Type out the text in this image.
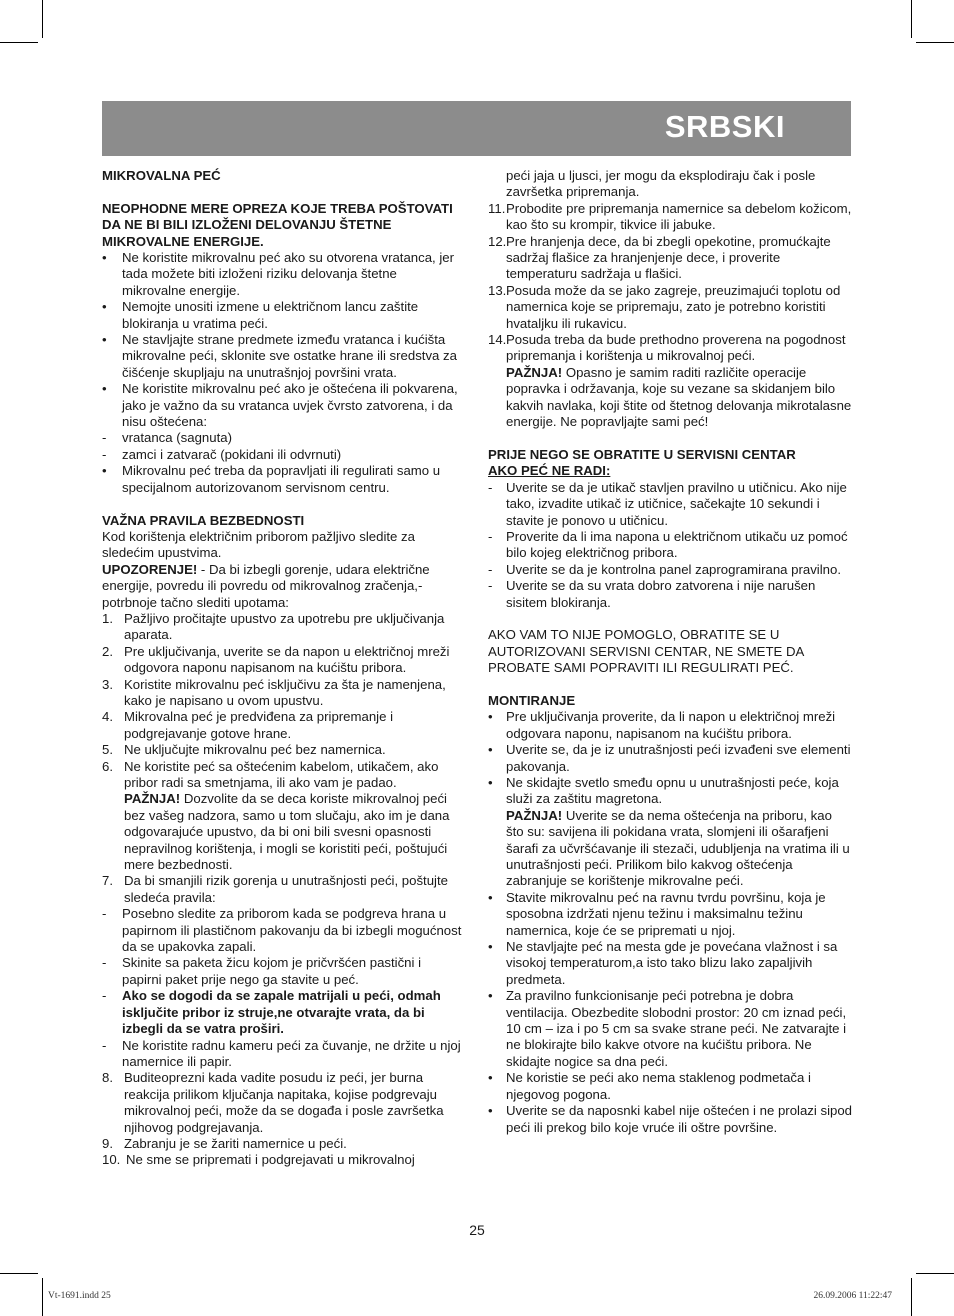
SRBSKI

MIKROVALNA PEĆ

NEOPHODNE MERE OPREZA KOJE TREBA POŠTOVATI DA NE BI BILI IZLOŽENI DELOVANJU ŠTETNE MIKROVALNE ENERGIJE.

•	Ne koristite mikrovalnu peć ako su otvorena vratanca, jer tada možete biti izloženi riziku delovanja štetne mikrovalne energije.
•	Nemojte unositi izmene u električnom lancu zaštite blokiranja u vratima peći.
•	Ne stavljajte strane predmete između vratanca i kućišta mikrovalne peći, sklonite sve ostatke hrane ili sredstva za čišćenje skupljaju na unutrašnjoj površini vrata.
•	Ne koristite mikrovalnu peć ako je oštećena ili pokvarena, jako je važno da su vratanca uvjek čvrsto zatvorena, i da nisu oštećena:
-	vratanca (sagnuta)
-	zamci i zatvarač (pokidani ili odvrnuti)
•	Mikrovalnu peć treba da popravljati ili regulirati samo u specijalnom autorizovanom servisnom centru.

VAŽNA PRAVILA BEZBEDNOSTI

Kod korištenja električnim priborom pažljivo sledite za sledećim upustvima.

UPOZORENJE! - Da bi izbegli gorenje, udara električne energije, povredu ili povredu od mikrovalnog zračenja,- potrbnoje tačno slediti upotama:

1. Pažljivo pročitajte upustvo za upotrebu pre uključivanja aparata.
2. Pre uključivanja, uverite se da napon u električnoj mreži odgovora naponu napisanom na kućištu pribora.
3. Koristite mikrovalnu peć isključivu za šta je namenjena, kako je napisano u ovom upustvu.
4. Mikrovalna peć je predviđena za pripremanje i podgrejavanje gotove hrane.
5. Ne uključujte mikrovalnu peć bez namernica.
6. Ne koristite peć sa oštećenim kabelom, utikačem, ako pribor radi sa smetnjama, ili ako vam je padao.
PAŽNJA! Dozvolite da se deca koriste mikrovalnoj peći bez vašeg nadzora, samo u tom slučaju, ako im je dana odgovarajuće upustvo, da bi oni bili svesni opasnosti nepravilnog korištenja, i mogli se koristiti peći, poštujući mere bezbednosti.
7. Da bi smanjili rizik gorenja u unutrašnjosti peći, poštujte sledeća pravila:
-	Posebno sledite za priborom kada se podgreva hrana u papirnom ili plastičnom pakovanju da bi izbegli mogućnost da se upakovka zapali.
-	Skinite sa paketa žicu kojom je pričvršćen pastični i papirni paket prije nego ga stavite u peć.
-	Ako se dogodi da se zapale matrijali u peći, odmah isključite pribor iz struje,ne otvarajte vrata, da bi izbegli da se vatra proširi.
-	Ne koristite radnu kameru peći za čuvanje, ne držite u njoj namernice ili papir.
8. Buditeoprezni kada vadite posudu iz peći, jer burna reakcija prilikom ključanja napitaka, kojise podgrevaju mikrovalnoj peći, može da se događa i posle završetka njihovog podgrejavanja.
9. Zabranju je se žariti namernice u peći.
10. Ne sme se pripremati i podgrejavati u mikrovalnoj
peći jaja u ljusci, jer mogu da eksplodiraju čak i posle završetka pripremanja.
11. Probodite pre pripremanja namernice sa debelom kožicom, kao što su krompir, tikvice ili jabuke.
12. Pre hranjenja dece, da bi zbegli opekotine, promućkajte sadržaj flašice za hranjenjenje dece, i proverite temperaturu sadržaja u flašici.
13. Posuda može da se jako zagreje, preuzimajući toplotu od namernica koje se pripremaju, zato je potrebno koristiti hvataljku ili rukavicu.
14. Posuda treba da bude prethodno proverena na pogodnost pripremanja i korištenja u mikrovalnoj peći.
PAŽNJA! Opasno je samim raditi različite operacije popravka i održavanja, koje su vezane sa skidanjem bilo kakvih navlaka, koji štite od štetnog delovanja mikrotalasne energije. Ne popravljajte sami peć!

PRIJE NEGO SE OBRATITE U SERVISNI CENTAR

AKO PEĆ NE RADI:

-	Uverite se da je utikač stavljen pravilno u utičnicu. Ako nije tako, izvadite utikač iz utičnice, sačekajte 10 sekundi i stavite je ponovo u utičnicu.
-	Proverite da li ima napona u električnom utikaču uz pomoć bilo kojeg električnog pribora.
-	Uverite se da je kontrolna panel zaprogramirana pravilno.
-	Uverite se da su vrata dobro zatvorena i nije narušen sisitem blokiranja.

AKO VAM TO NIJE POMOGLO, OBRATITE SE U AUTORIZOVANI SERVISNI CENTAR, NE SMETE DA PROBATE SAMI POPRAVITI ILI REGULIRATI PEĆ.

MONTIRANJE

•	Pre uključivanja proverite, da li napon u električnoj mreži odgovara naponu, napisanom na kućištu pribora.
•	Uverite se, da je iz unutrašnjosti peći izvađeni sve elementi pakovanja.
•	Ne skidajte svetlo smeđu opnu u unutrašnjosti peće, koja služi za zaštitu magretona.
PAŽNJA! Uverite se da nema oštećenja na priboru, kao što su: savijena ili pokidana vrata, slomjeni ili ošarafjeni šarafi za učvršćavanje ili stezači, udubljenja na vratima ili u unutrašnjosti peći. Prilikom bilo kakvog oštećenja zabranjuje se korištenje mikrovalne peći.
•	Stavite mikrovalnu peć na ravnu tvrdu površinu, koja je sposobna izdržati njenu težinu i maksimalnu težinu namernica, koje će se pripremati u njoj.
•	Ne stavljajte peć na mesta gde je povećana vlažnost i sa visokoj temperaturom,a isto tako blizu lako zapaljivih predmeta.
•	Za pravilno funkcionisanje peći potrebna je dobra ventilacija. Obezbedite slobodni prostor: 20 cm iznad peći, 10 cm – iza i po 5 cm sa svake strane peći. Ne zatvarajte i ne blokirajte bilo kakve otvore na kućištu pribora. Ne skidajte nogice sa dna peći.
•	Ne koristie se peći ako nema staklenog podmetača i njegovog pogona.
•	Uverite se da naposnki kabel nije oštećen i ne prolazi sipod peći ili prekog bilo koje vruće ili oštre površine.
25
Vt-1691.indd 25	26.09.2006 11:22:47
